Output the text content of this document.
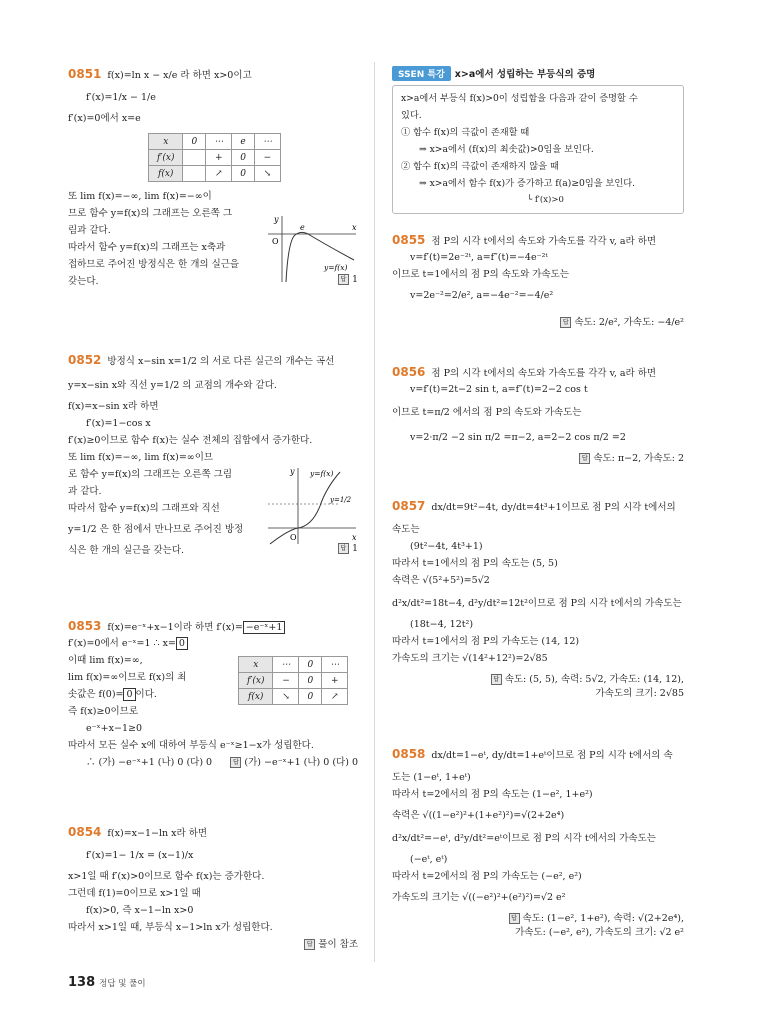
0851 f(x)=ln x − x/e 라 하면 x>0이고
f′(x)=1/x − 1/e
f′(x)=0에서 x=e
x	0	⋯	e	⋯
f′(x)		+	0	−
f(x)		↗	0	↘
또 lim f(x)=−∞, lim f(x)=−∞이
므로 함수 y=f(x)의 그래프는 오른쪽 그
림과 같다.
따라서 함수 y=f(x)의 그래프는 x축과
접하므로 주어진 방정식은 한 개의 실근을
갖는다.
x
y
O
e
y=f(x)
답 1
0852 방정식 x−sin x=1/2 의 서로 다른 실근의 개수는 곡선
y=x−sin x와 직선 y=1/2 의 교점의 개수와 같다.
f(x)=x−sin x라 하면
f′(x)=1−cos x
f′(x)≥0이므로 함수 f(x)는 실수 전체의 집합에서 증가한다.
또 lim f(x)=−∞, lim f(x)=∞이므
로 함수 y=f(x)의 그래프는 오른쪽 그림
과 같다.
따라서 함수 y=f(x)의 그래프와 직선
y=1/2 은 한 점에서 만나므로 주어진 방정
식은 한 개의 실근을 갖는다.
x
y
O
y=f(x)
y=1/2
답 1
0853 f(x)=e⁻ˣ+x−1이라 하면 f′(x)= −e⁻ˣ+1
f′(x)=0에서 e⁻ˣ=1 ∴ x= 0
이때 lim f(x)=∞,
lim f(x)=∞이므로 f(x)의 최
솟값은 f(0)= 0 이다.
즉 f(x)≥0이므로
e⁻ˣ+x−1≥0
따라서 모든 실수 x에 대하여 부등식 e⁻ˣ≥1−x가 성립한다.
∴ (가) −e⁻ˣ+1 (나) 0 (다) 0
x	⋯	0	⋯
f′(x)	−	0	+
f(x)	↘	0	↗
답 (가) −e⁻ˣ+1 (나) 0 (다) 0
0854 f(x)=x−1−ln x라 하면
f′(x)=1− 1/x = (x−1)/x
x>1일 때 f′(x)>0이므로 함수 f(x)는 증가한다.
그런데 f(1)=0이므로 x>1일 때
f(x)>0, 즉 x−1−ln x>0
따라서 x>1일 때, 부등식 x−1>ln x가 성립한다.
답 풀이 참조
SSEN 특강 x>a에서 성립하는 부등식의 증명
x>a에서 부등식 f(x)>0이 성립함을 다음과 같이 증명할 수
있다.
① 함수 f(x)의 극값이 존재할 때
⇒ x>a에서 (f(x)의 최솟값)>0임을 보인다.
② 함수 f(x)의 극값이 존재하지 않을 때
⇒ x>a에서 함수 f(x)가 증가하고 f(a)≥0임을 보인다.
└ f′(x)>0
0855 점 P의 시각 t에서의 속도와 가속도를 각각 v, a라 하면
v=f′(t)=2e⁻²ᵗ, a=f″(t)=−4e⁻²ᵗ
이므로 t=1에서의 점 P의 속도와 가속도는
v=2e⁻²=2/e², a=−4e⁻²=−4/e²
답 속도: 2/e², 가속도: −4/e²
0856 점 P의 시각 t에서의 속도와 가속도를 각각 v, a라 하면
v=f′(t)=2t−2 sin t, a=f″(t)=2−2 cos t
이므로 t=π/2 에서의 점 P의 속도와 가속도는
v=2·π/2 −2 sin π/2 =π−2, a=2−2 cos π/2 =2
답 속도: π−2, 가속도: 2
0857 dx/dt=9t²−4t, dy/dt=4t³+1이므로 점 P의 시각 t에서의
속도는
(9t²−4t, 4t³+1)
따라서 t=1에서의 점 P의 속도는 (5, 5)
속력은 √(5²+5²)=5√2
d²x/dt²=18t−4, d²y/dt²=12t²이므로 점 P의 시각 t에서의 가속도는
(18t−4, 12t²)
따라서 t=1에서의 점 P의 가속도는 (14, 12)
가속도의 크기는 √(14²+12²)=2√85
답 속도: (5, 5), 속력: 5√2, 가속도: (14, 12),
가속도의 크기: 2√85
0858 dx/dt=1−eᵗ, dy/dt=1+eᵗ이므로 점 P의 시각 t에서의 속
도는 (1−eᵗ, 1+eᵗ)
따라서 t=2에서의 점 P의 속도는 (1−e², 1+e²)
속력은 √((1−e²)²+(1+e²)²)=√(2+2e⁴)
d²x/dt²=−eᵗ, d²y/dt²=eᵗ이므로 점 P의 시각 t에서의 가속도는
(−eᵗ, eᵗ)
따라서 t=2에서의 점 P의 가속도는 (−e², e²)
가속도의 크기는 √((−e²)²+(e²)²)=√2 e²
답 속도: (1−e², 1+e²), 속력: √(2+2e⁴),
가속도: (−e², e²), 가속도의 크기: √2 e²
138 정답 및 풀이
